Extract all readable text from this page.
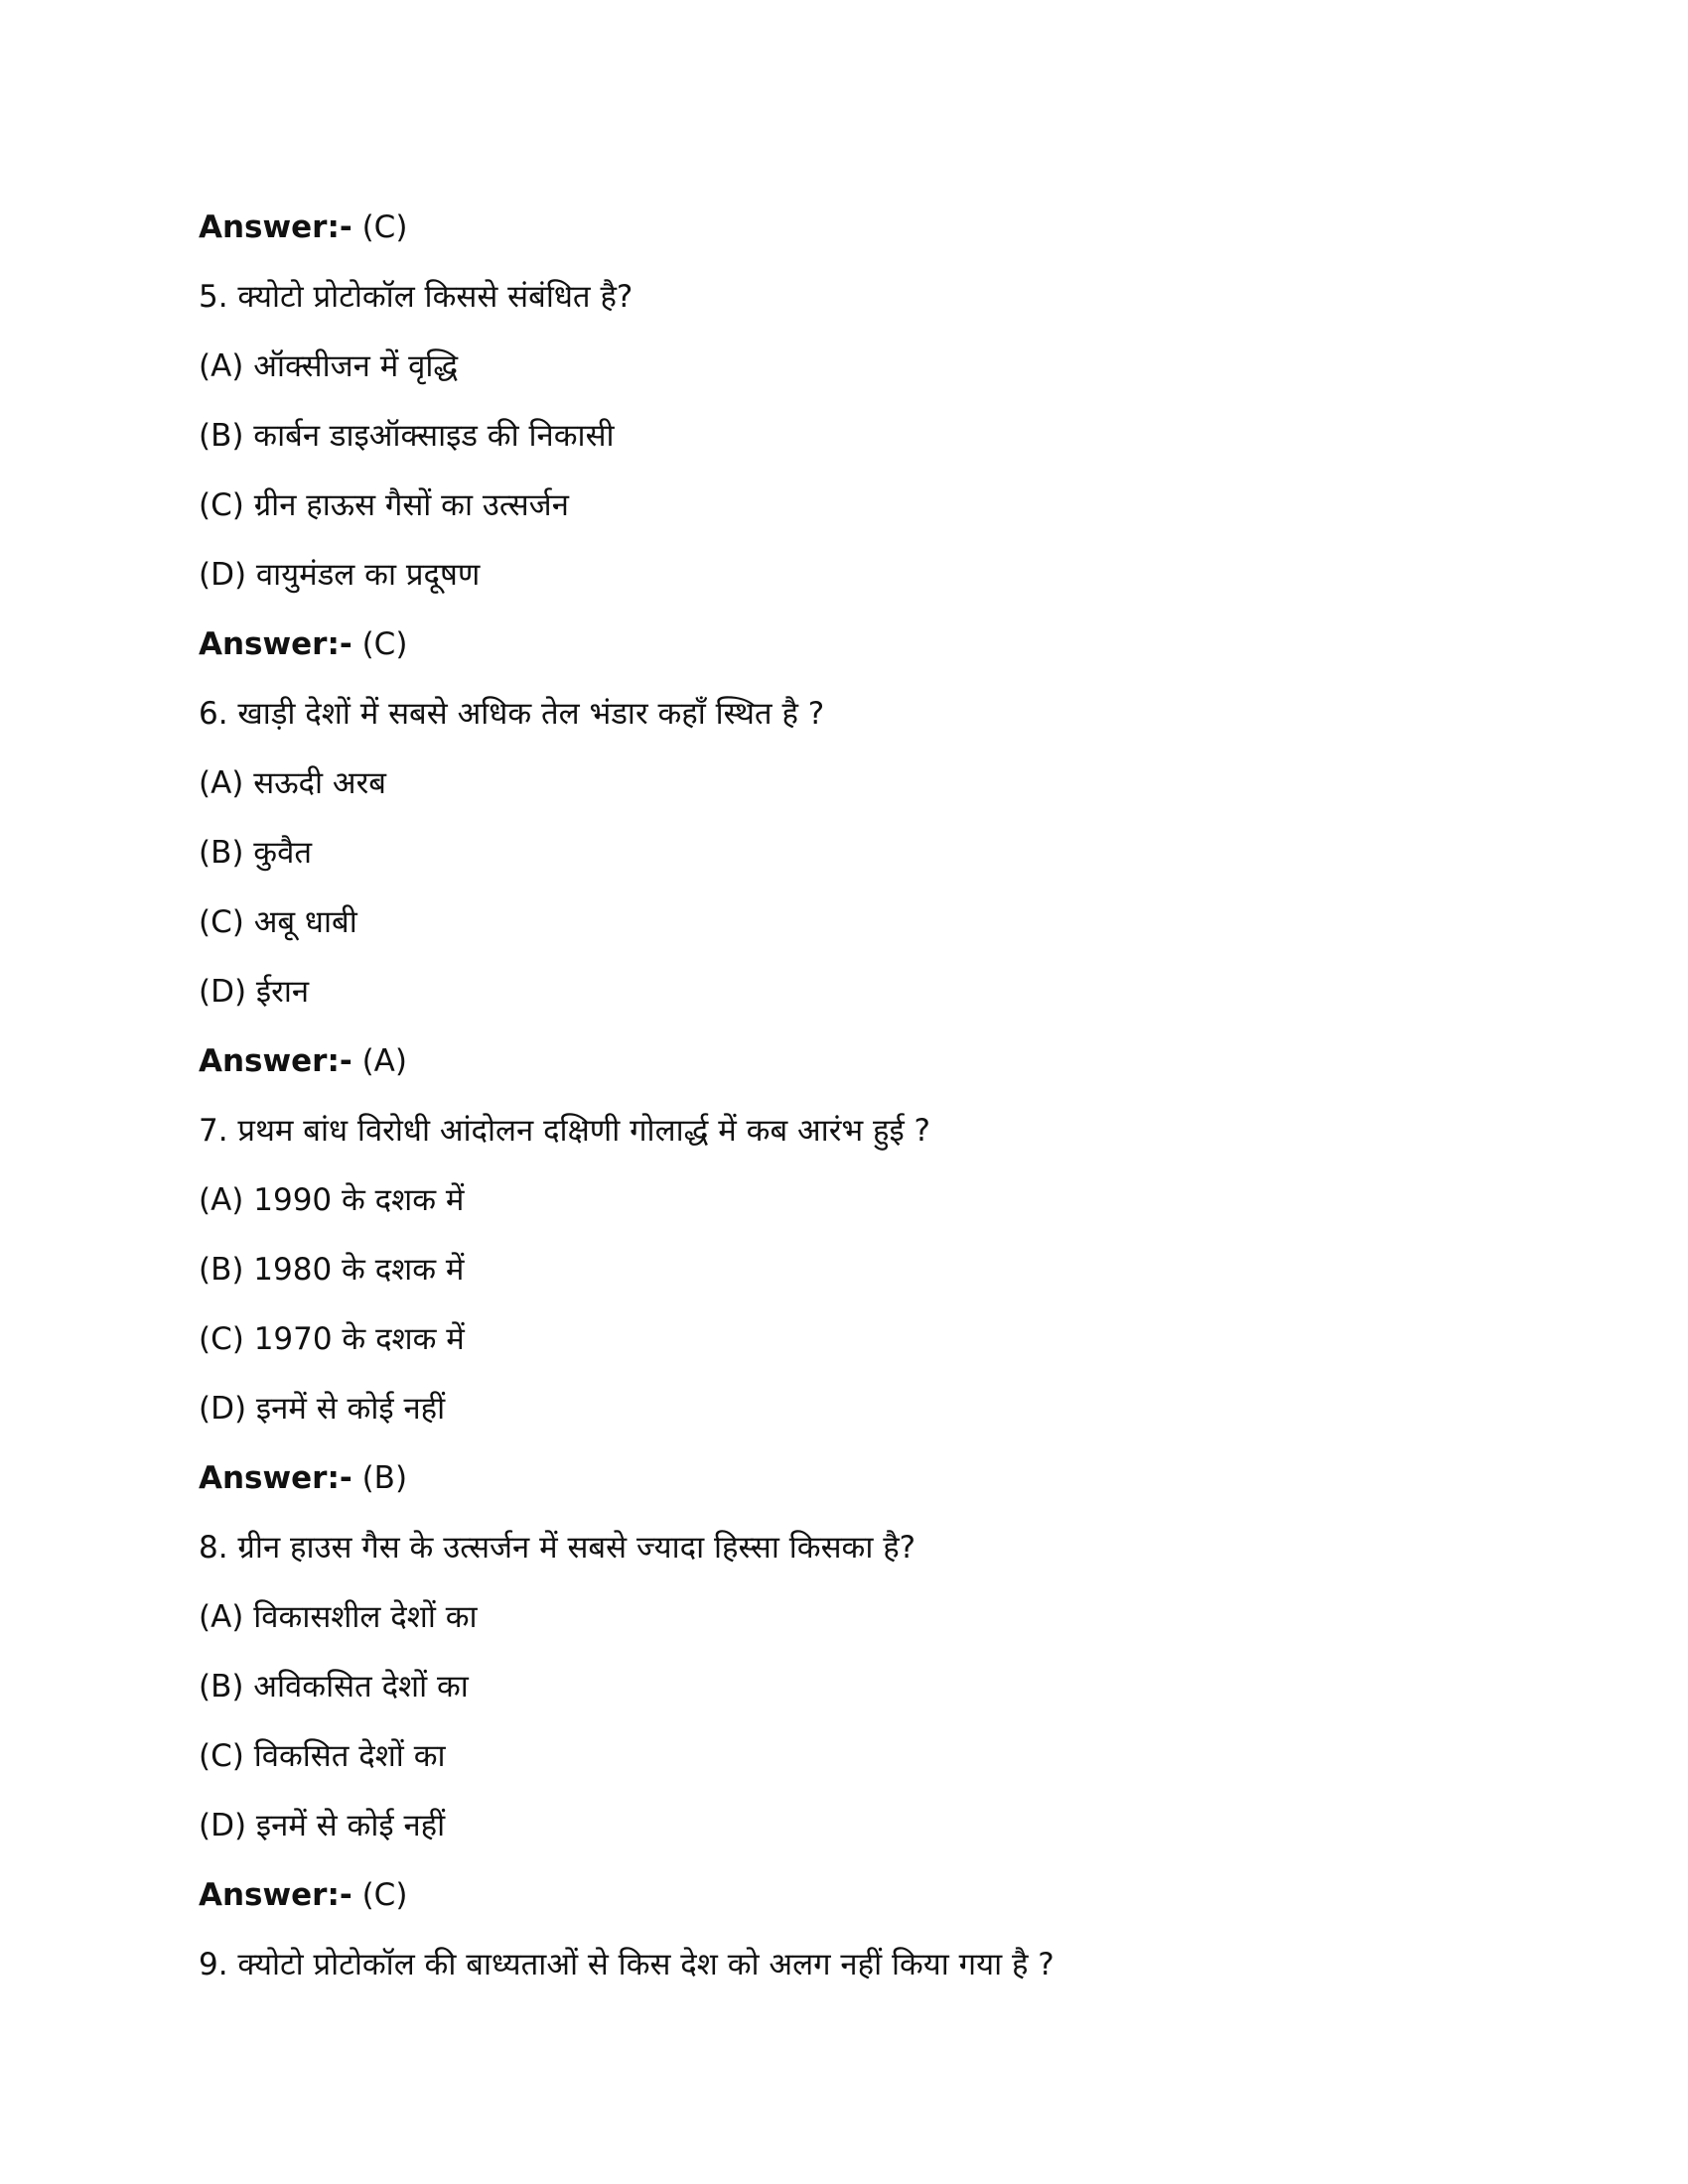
Answer:- (C)
5. क्योटो प्रोटोकॉल किससे संबंधित है?
(A) ऑक्सीजन में वृद्धि
(B) कार्बन डाइऑक्साइड की निकासी
(C) ग्रीन हाऊस गैसों का उत्सर्जन
(D) वायुमंडल का प्रदूषण
Answer:- (C)
6. खाड़ी देशों में सबसे अधिक तेल भंडार कहाँ स्थित है ?
(A) सऊदी अरब
(B) कुवैत
(C) अबू धाबी
(D) ईरान
Answer:- (A)
7. प्रथम बांध विरोधी आंदोलन दक्षिणी गोलार्द्ध में कब आरंभ हुई ?
(A) 1990 के दशक में
(B) 1980 के दशक में
(C) 1970 के दशक में
(D) इनमें से कोई नहीं
Answer:- (B)
8. ग्रीन हाउस गैस के उत्सर्जन में सबसे ज्यादा हिस्सा किसका है?
(A) विकासशील देशों का
(B) अविकसित देशों का
(C) विकसित देशों का
(D) इनमें से कोई नहीं
Answer:- (C)
9. क्योटो प्रोटोकॉल की बाध्यताओं से किस देश को अलग नहीं किया गया है ?
